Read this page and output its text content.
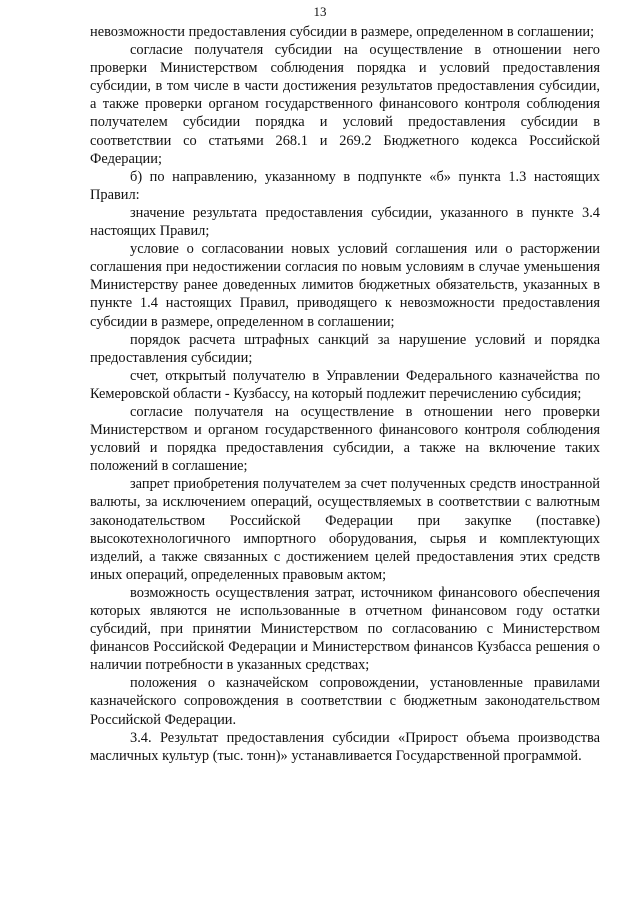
13

невозможности предоставления субсидии в размере, определенном в соглашении;

согласие получателя субсидии на осуществление в отношении него проверки Министерством соблюдения порядка и условий предоставления субсидии, в том числе в части достижения результатов предоставления субсидии, а также проверки органом государственного финансового контроля соблюдения получателем субсидии порядка и условий предоставления субсидии в соответствии со статьями 268.1 и 269.2 Бюджетного кодекса Российской Федерации;

б) по направлению, указанному в подпункте «б» пункта 1.3 настоящих Правил:

значение результата предоставления субсидии, указанного в пункте 3.4 настоящих Правил;

условие о согласовании новых условий соглашения или о расторжении соглашения при недостижении согласия по новым условиям в случае уменьшения Министерству ранее доведенных лимитов бюджетных обязательств, указанных в пункте 1.4 настоящих Правил, приводящего к невозможности предоставления субсидии в размере, определенном в соглашении;

порядок расчета штрафных санкций за нарушение условий и порядка предоставления субсидии;

счет, открытый получателю в Управлении Федерального казначейства по Кемеровской области - Кузбассу, на который подлежит перечислению субсидия;

согласие получателя на осуществление в отношении него проверки Министерством и органом государственного финансового контроля соблюдения условий и порядка предоставления субсидии, а также на включение таких положений в соглашение;

запрет приобретения получателем за счет полученных средств иностранной валюты, за исключением операций, осуществляемых в соответствии с валютным законодательством Российской Федерации при закупке (поставке) высокотехнологичного импортного оборудования, сырья и комплектующих изделий, а также связанных с достижением целей предоставления этих средств иных операций, определенных правовым актом;

возможность осуществления затрат, источником финансового обеспечения которых являются не использованные в отчетном финансовом году остатки субсидий, при принятии Министерством по согласованию с Министерством финансов Российской Федерации и Министерством финансов Кузбасса решения о наличии потребности в указанных средствах;

положения о казначейском сопровождении, установленные правилами казначейского сопровождения в соответствии с бюджетным законодательством Российской Федерации.

3.4. Результат предоставления субсидии «Прирост объема производства масличных культур (тыс. тонн)» устанавливается Государственной программой.
